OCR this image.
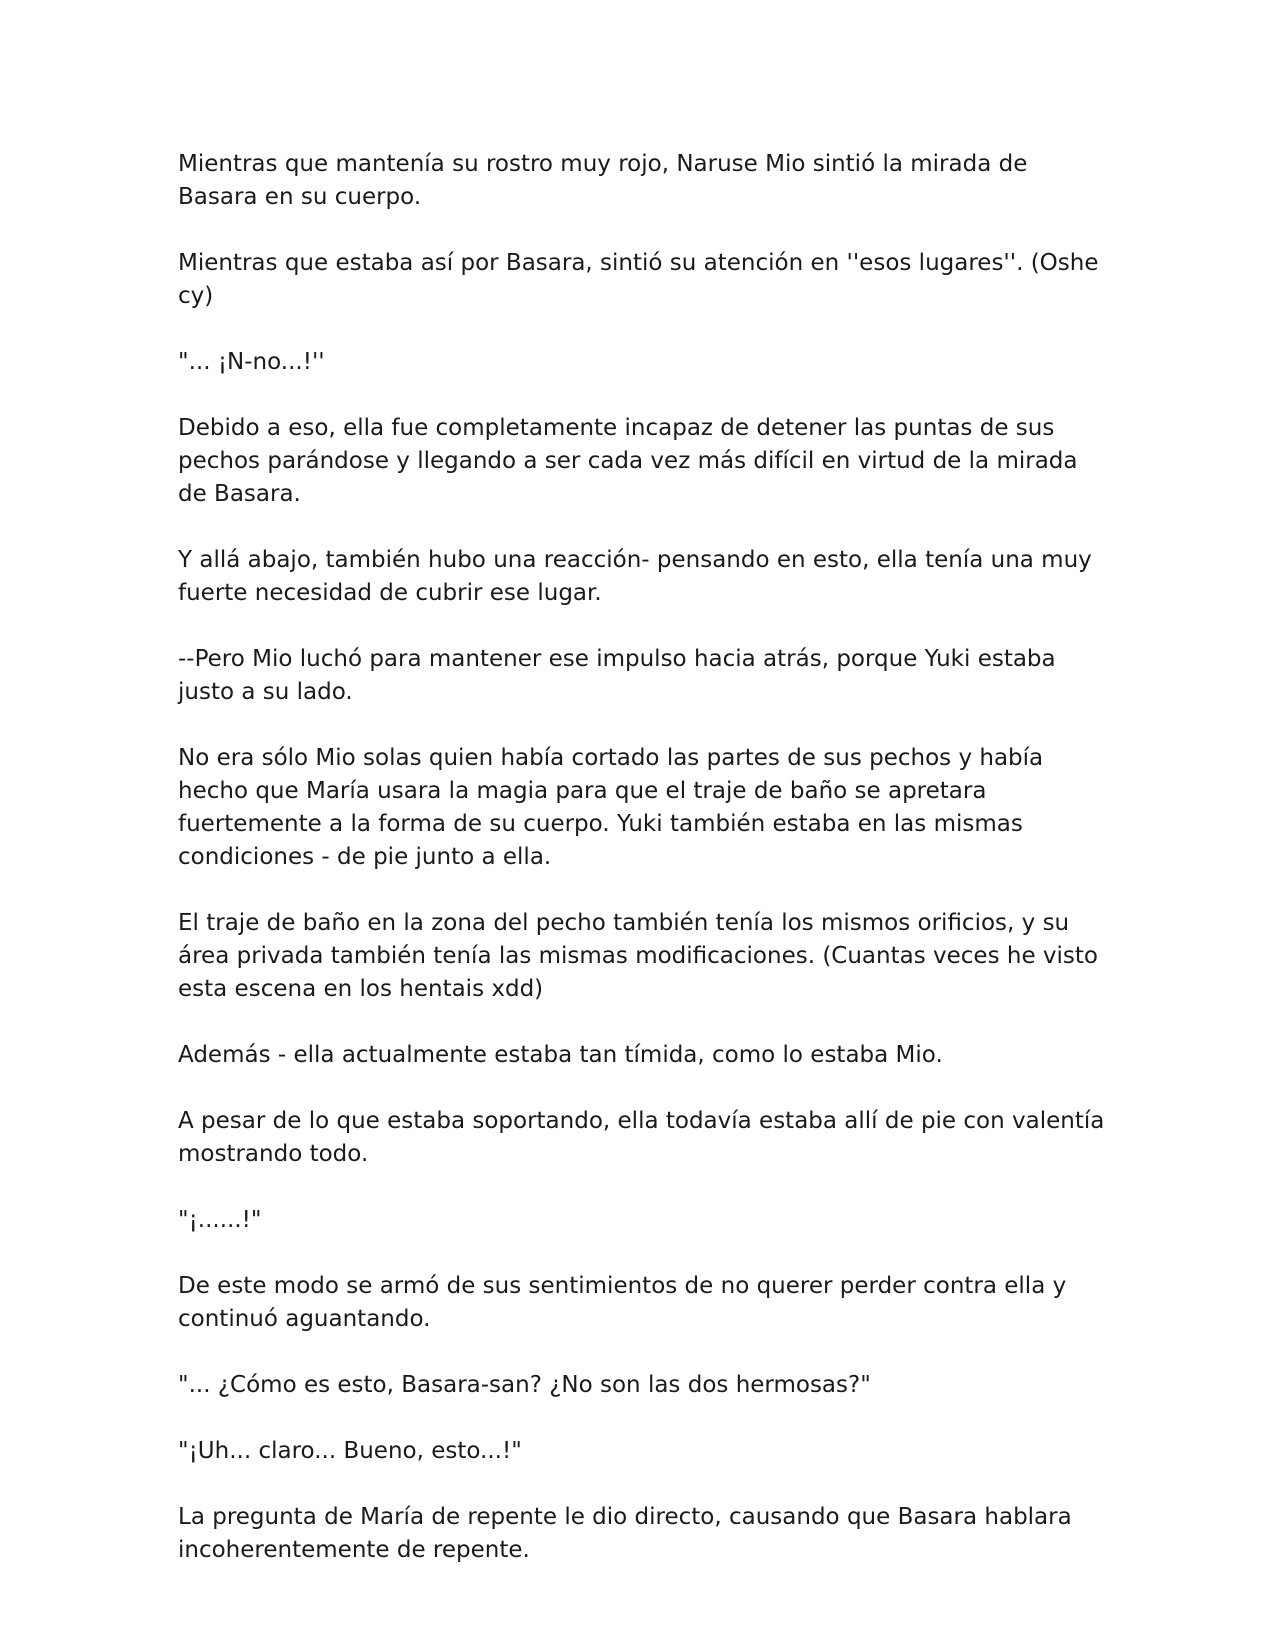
Mientras que mantenía su rostro muy rojo, Naruse Mio sintió la mirada de Basara en su cuerpo.

Mientras que estaba así por Basara, sintió su atención en ''esos lugares''. (Oshe cy)

"... ¡N-no...!''

Debido a eso, ella fue completamente incapaz de detener las puntas de sus pechos parándose y llegando a ser cada vez más difícil en virtud de la mirada de Basara.

Y allá abajo, también hubo una reacción- pensando en esto, ella tenía una muy fuerte necesidad de cubrir ese lugar.

--Pero Mio luchó para mantener ese impulso hacia atrás, porque Yuki estaba justo a su lado.

No era sólo Mio solas quien había cortado las partes de sus pechos y había hecho que María usara la magia para que el traje de baño se apretara fuertemente a la forma de su cuerpo. Yuki también estaba en las mismas condiciones - de pie junto a ella.

El traje de baño en la zona del pecho también tenía los mismos orificios, y su área privada también tenía las mismas modificaciones. (Cuantas veces he visto esta escena en los hentais xdd)

Además - ella actualmente estaba tan tímida, como lo estaba Mio.

A pesar de lo que estaba soportando, ella todavía estaba allí de pie con valentía mostrando todo.

"¡......!"

De este modo se armó de sus sentimientos de no querer perder contra ella y continuó aguantando.

"... ¿Cómo es esto, Basara-san? ¿No son las dos hermosas?"

"¡Uh... claro... Bueno, esto...!"

La pregunta de María de repente le dio directo, causando que Basara hablara incoherentemente de repente.
